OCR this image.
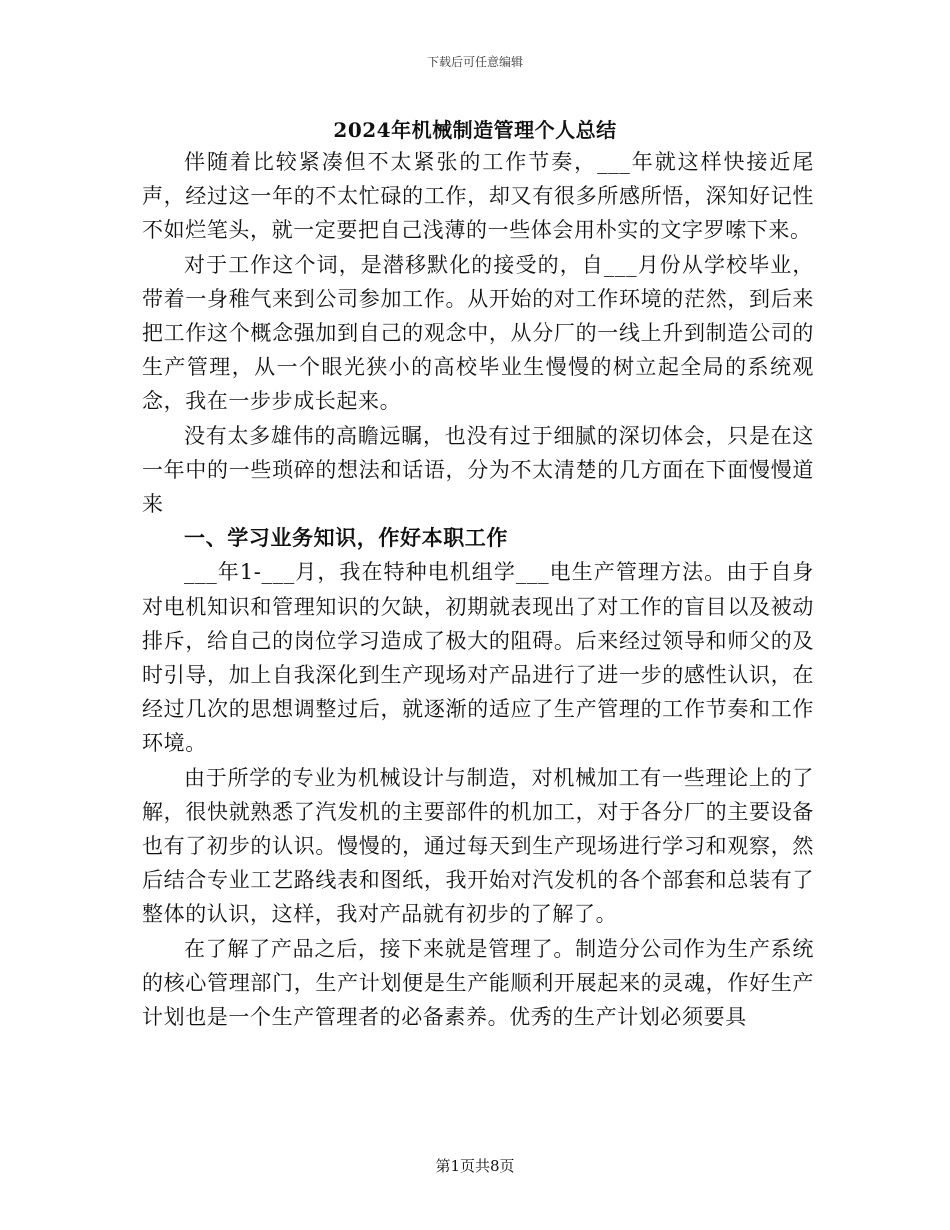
下载后可任意编辑
2024年机械制造管理个人总结

伴随着比较紧凑但不太紧张的工作节奏，___年就这样快接近尾声，经过这一年的不太忙碌的工作，却又有很多所感所悟，深知好记性不如烂笔头，就一定要把自己浅薄的一些体会用朴实的文字罗嗦下来。

对于工作这个词，是潜移默化的接受的，自___月份从学校毕业，带着一身稚气来到公司参加工作。从开始的对工作环境的茫然，到后来把工作这个概念强加到自己的观念中，从分厂的一线上升到制造公司的生产管理，从一个眼光狭小的高校毕业生慢慢的树立起全局的系统观念，我在一步步成长起来。

没有太多雄伟的高瞻远瞩，也没有过于细腻的深切体会，只是在这一年中的一些琐碎的想法和话语，分为不太清楚的几方面在下面慢慢道来

一、学习业务知识，作好本职工作

___年1-___月，我在特种电机组学___电生产管理方法。由于自身对电机知识和管理知识的欠缺，初期就表现出了对工作的盲目以及被动排斥，给自己的岗位学习造成了极大的阻碍。后来经过领导和师父的及时引导，加上自我深化到生产现场对产品进行了进一步的感性认识，在经过几次的思想调整过后，就逐渐的适应了生产管理的工作节奏和工作环境。

由于所学的专业为机械设计与制造，对机械加工有一些理论上的了解，很快就熟悉了汽发机的主要部件的机加工，对于各分厂的主要设备也有了初步的认识。慢慢的，通过每天到生产现场进行学习和观察，然后结合专业工艺路线表和图纸，我开始对汽发机的各个部套和总装有了整体的认识，这样，我对产品就有初步的了解了。

在了解了产品之后，接下来就是管理了。制造分公司作为生产系统的核心管理部门，生产计划便是生产能顺利开展起来的灵魂，作好生产计划也是一个生产管理者的必备素养。优秀的生产计划必须要具

第1页共8页
